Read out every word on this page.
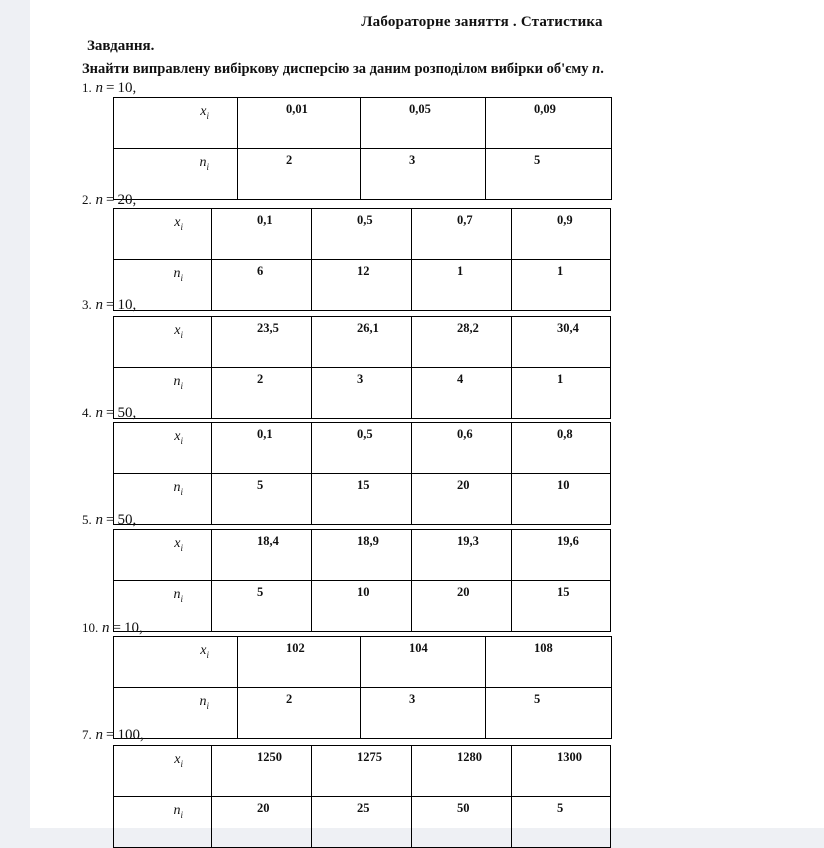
Лабораторне заняття . Статистика
Завдання.
Знайти виправлену вибіркову дисперсію за даним розподілом вибірки об'єму n.
1. n = 10,
$x_i$	0,01	0,05	0,09
$n_i$	2	3	5
2. n = 20,
$x_i$	0,1	0,5	0,7	0,9
$n_i$	6	12	1	1
3. n = 10,
$x_i$	23,5	26,1	28,2	30,4
$n_i$	2	3	4	1
4. n = 50,
$x_i$	0,1	0,5	0,6	0,8
$n_i$	5	15	20	10
5. n = 50,
$x_i$	18,4	18,9	19,3	19,6
$n_i$	5	10	20	15
10. n = 10,
$x_i$	102	104	108
$n_i$	2	3	5
7. n = 100,
$x_i$	1250	1275	1280	1300
$n_i$	20	25	50	5
